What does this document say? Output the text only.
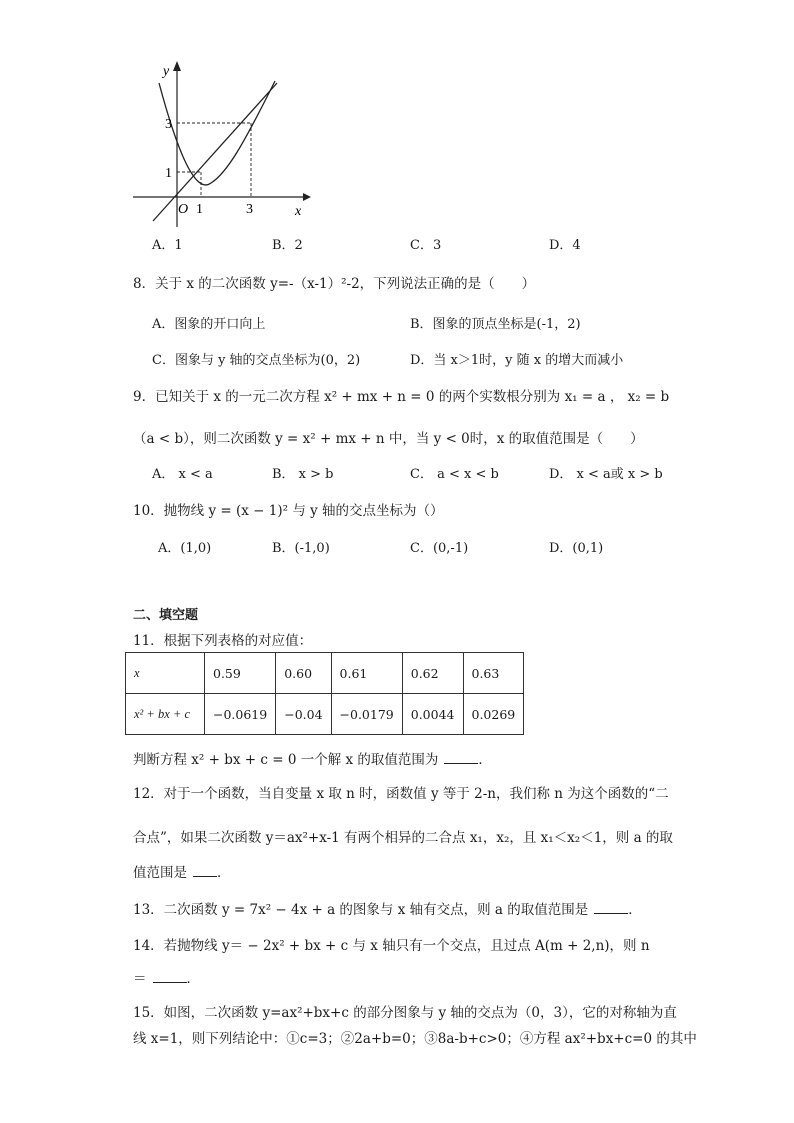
y
x
O 1	3
1
3
A．1	B．2	C．3	D．4
8．关于 x 的二次函数 y=-（x-1）²-2，下列说法正确的是（　　）
A．图象的开口向上	B．图象的顶点坐标是(-1，2)
C．图象与 y 轴的交点坐标为(0，2)	D．当 x＞1时，y 随 x 的增大而减小
9．已知关于 x 的一元二次方程 x² + mx + n = 0 的两个实数根分别为 x₁ = a ， x₂ = b
（a < b），则二次函数 y = x² + mx + n 中，当 y < 0时，x 的取值范围是（　　）
A． x < a	B． x > b	C． a < x < b	D． x < a或 x > b
10．抛物线 y = (x − 1)² 与 y 轴的交点坐标为（）
A．(1,0)	B．(-1,0)	C．(0,-1)	D．(0,1)
二、填空题
11．根据下列表格的对应值：
x	0.59	0.60	0.61	0.62	0.63
x² + bx + c	−0.0619	−0.04	−0.0179	0.0044	0.0269
判断方程 x² + bx + c = 0 一个解 x 的取值范围为	．
12．对于一个函数，当自变量 x 取 n 时，函数值 y 等于 2-n，我们称 n 为这个函数的“二
合点”，如果二次函数 y＝ax²+x-1 有两个相异的二合点 x₁，x₂，且 x₁＜x₂＜1，则 a 的取
值范围是 ．
13．二次函数 y = 7x² − 4x + a 的图象与 x 轴有交点，则 a 的取值范围是	．
14．若抛物线 y＝ − 2x² + bx + c 与 x 轴只有一个交点，且过点 A(m + 2,n)，则 n
＝	．
15．如图，二次函数 y=ax²+bx+c 的部分图象与 y 轴的交点为（0，3），它的对称轴为直
线 x=1，则下列结论中：①c=3；②2a+b=0；③8a-b+c>0；④方程 ax²+bx+c=0 的其中
